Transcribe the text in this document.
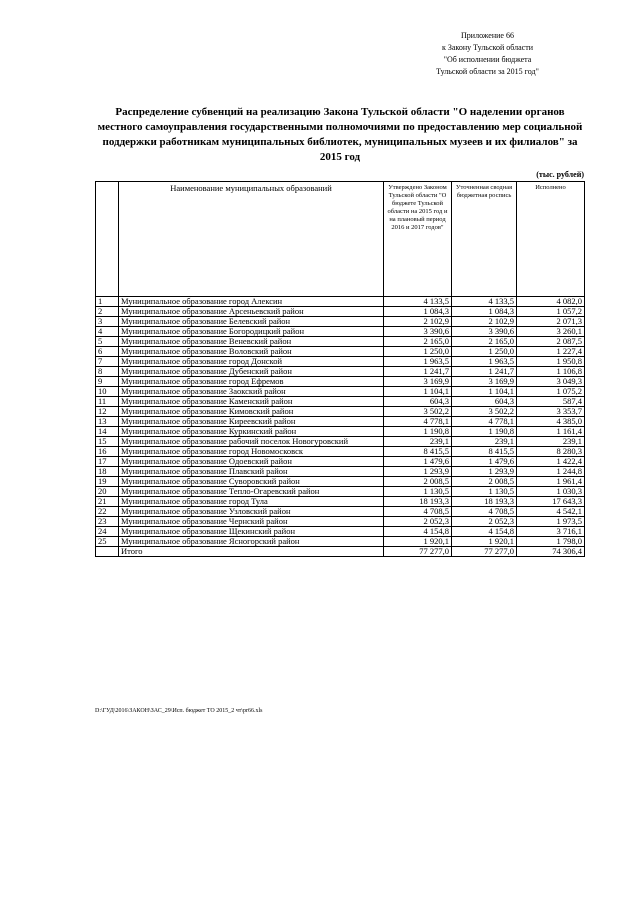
Приложение 66
к Закону Тульской области
"Об исполнении бюджета
Тульской области за 2015 год"
Распределение субвенций на реализацию Закона Тульской области "О наделении органов местного самоуправления государственными полномочиями по предоставлению мер социальной поддержки работникам муниципальных библиотек, муниципальных музеев и их филиалов" за 2015 год
(тыс. рублей)
	Наименование муниципальных образований	Утверждено Законом Тульской области "О бюджете Тульской области на 2015 год и на плановый период 2016 и 2017 годов"	Уточненная сводная бюджетная роспись	Исполнено
1	Муниципальное образование город Алексин	4 133,5	4 133,5	4 082,0
2	Муниципальное образование Арсеньевский район	1 084,3	1 084,3	1 057,2
3	Муниципальное образование Белевский район	2 102,9	2 102,9	2 071,3
4	Муниципальное образование Богородицкий район	3 390,6	3 390,6	3 260,1
5	Муниципальное образование Веневский район	2 165,0	2 165,0	2 087,5
6	Муниципальное образование Воловский район	1 250,0	1 250,0	1 227,4
7	Муниципальное образование город Донской	1 963,5	1 963,5	1 950,8
8	Муниципальное образование Дубенский район	1 241,7	1 241,7	1 106,8
9	Муниципальное образование город Ефремов	3 169,9	3 169,9	3 049,3
10	Муниципальное образование Заокский район	1 104,1	1 104,1	1 075,2
11	Муниципальное образование Каменский район	604,3	604,3	587,4
12	Муниципальное образование Кимовский район	3 502,2	3 502,2	3 353,7
13	Муниципальное образование Киреевский район	4 778,1	4 778,1	4 385,0
14	Муниципальное образование Куркинский район	1 190,8	1 190,8	1 161,4
15	Муниципальное образование рабочий поселок Новогуровский	239,1	239,1	239,1
16	Муниципальное образование город Новомосковск	8 415,5	8 415,5	8 280,3
17	Муниципальное образование Одоевский район	1 479,6	1 479,6	1 422,4
18	Муниципальное образование Плавский район	1 293,9	1 293,9	1 244,8
19	Муниципальное образование Суворовский район	2 008,5	2 008,5	1 961,4
20	Муниципальное образование Тепло-Огаревский район	1 130,5	1 130,5	1 030,3
21	Муниципальное образование город Тула	18 193,3	18 193,3	17 643,3
22	Муниципальное образование Узловский район	4 708,5	4 708,5	4 542,1
23	Муниципальное образование Чернский район	2 052,3	2 052,3	1 973,5
24	Муниципальное образование Щекинский район	4 154,8	4 154,8	3 716,1
25	Муниципальное образование Ясногорский район	1 920,1	1 920,1	1 798,0
	Итого	77 277,0	77 277,0	74 306,4
D:\ГУД\2016\ЗАКОН\ЗАС_29\Исп. бюджет ТО 2015_2 чт\pr66.xls
